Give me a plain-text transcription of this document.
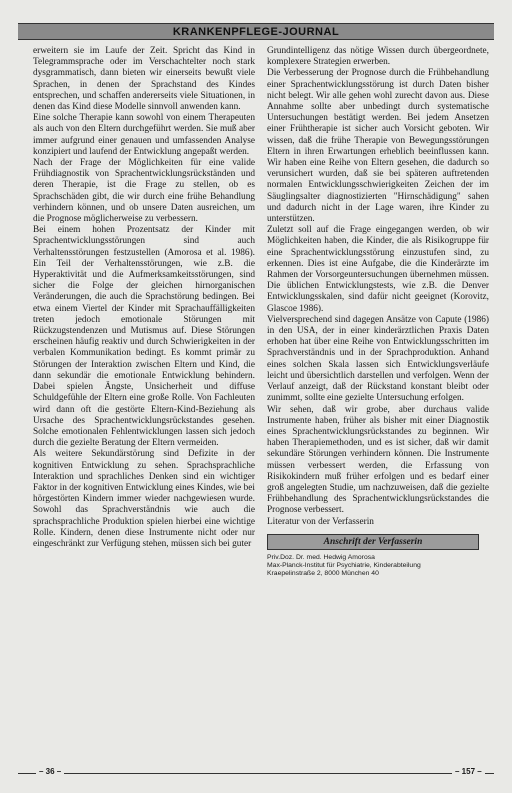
KRANKENPFLEGE-JOURNAL

erweitern sie im Laufe der Zeit. Spricht das Kind in Telegrammsprache oder im Verschachtelter noch stark dysgrammatisch, dann bieten wir einerseits bewußt viele Sprachen, in denen der Sprachstand des Kindes entsprechen, und schaffen andererseits viele Situationen, in denen das Kind diese Modelle sinnvoll anwenden kann.

Eine solche Therapie kann sowohl von einem Therapeuten als auch von den Eltern durchgeführt werden. Sie muß aber immer aufgrund einer genauen und umfassenden Analyse konzipiert und laufend der Entwicklung angepaßt werden.

Nach der Frage der Möglichkeiten für eine valide Frühdiagnostik von Sprachentwicklungsrückständen und deren Therapie, ist die Frage zu stellen, ob es Sprachschäden gibt, die wir durch eine frühe Behandlung verhindern können, und ob unsere Daten ausreichen, um die Prognose möglicherweise zu verbessern.

Bei einem hohen Prozentsatz der Kinder mit Sprachentwicklungsstörungen sind auch Verhaltensstörungen festzustellen (Amorosa et al. 1986). Ein Teil der Verhaltensstörungen, wie z.B. die Hyperaktivität und die Aufmerksamkeitsstörungen, sind sicher die Folge der gleichen hirnorganischen Veränderungen, die auch die Sprachstörung bedingen. Bei etwa einem Viertel der Kinder mit Sprachauffälligkeiten treten jedoch emotionale Störungen mit Rückzugstendenzen und Mutismus auf. Diese Störungen erscheinen häufig reaktiv und durch Schwierigkeiten in der verbalen Kommunikation bedingt. Es kommt primär zu Störungen der Interaktion zwischen Eltern und Kind, die dann sekundär die emotionale Entwicklung behindern. Dabei spielen Ängste, Unsicherheit und diffuse Schuldgefühle der Eltern eine große Rolle. Von Fachleuten wird dann oft die gestörte Eltern-Kind-Beziehung als Ursache des Sprachentwicklungsrückstandes gesehen. Solche emotionalen Fehlentwicklungen lassen sich jedoch durch die gezielte Beratung der Eltern vermeiden.

Als weitere Sekundärstörung sind Defizite in der kognitiven Entwicklung zu sehen. Sprachsprachliche Interaktion und sprachliches Denken sind ein wichtiger Faktor in der kognitiven Entwicklung eines Kindes, wie bei hörgestörten Kindern immer wieder nachgewiesen wurde. Sowohl das Sprachverständnis wie auch die sprachsprachliche Produktion spielen hierbei eine wichtige Rolle. Kindern, denen diese Instrumente nicht oder nur eingeschränkt zur Verfügung stehen, müssen sich bei guter

Grundintelligenz das nötige Wissen durch übergeordnete, komplexere Strategien erwerben.

Die Verbesserung der Prognose durch die Frühbehandlung einer Sprachentwicklungsstörung ist durch Daten bisher nicht belegt. Wir alle gehen wohl zurecht davon aus. Diese Annahme sollte aber unbedingt durch systematische Untersuchungen bestätigt werden. Bei jedem Ansetzen einer Frühtherapie ist sicher auch Vorsicht geboten. Wir wissen, daß die frühe Therapie von Bewegungsstörungen Eltern in ihren Erwartungen erheblich beeinflussen kann. Wir haben eine Reihe von Eltern gesehen, die dadurch so verunsichert wurden, daß sie bei späteren auftretenden normalen Entwicklungsschwierigkeiten Zeichen der im Säuglingsalter diagnostizierten "Hirnschädigung" sahen und dadurch nicht in der Lage waren, ihre Kinder zu unterstützen.

Zuletzt soll auf die Frage eingegangen werden, ob wir Möglichkeiten haben, die Kinder, die als Risikogruppe für eine Sprachentwicklungsstörung einzustufen sind, zu erkennen. Dies ist eine Aufgabe, die die Kinderärzte im Rahmen der Vorsorgeuntersuchungen übernehmen müssen. Die üblichen Entwicklungstests, wie z.B. die Denver Entwicklungsskalen, sind dafür nicht geeignet (Korovitz, Glascoe 1986).

Vielversprechend sind dagegen Ansätze von Capute (1986) in den USA, der in einer kinderärztlichen Praxis Daten erhoben hat über eine Reihe von Entwicklungsschritten im Sprachverständnis und in der Sprachproduktion. Anhand eines solchen Skala lassen sich Entwicklungsverläufe leicht und übersichtlich darstellen und verfolgen. Wenn der Verlauf anzeigt, daß der Rückstand konstant bleibt oder zunimmt, sollte eine gezielte Untersuchung erfolgen.

Wir sehen, daß wir grobe, aber durchaus valide Instrumente haben, früher als bisher mit einer Diagnostik eines Sprachentwicklungsrückstandes zu beginnen. Wir haben Therapiemethoden, und es ist sicher, daß wir damit sekundäre Störungen verhindern können. Die Instrumente müssen verbessert werden, die Erfassung von Risikokindern muß früher erfolgen und es bedarf einer groß angelegten Studie, um nachzuweisen, daß die gezielte Frühbehandlung des Sprachentwicklungsrückstandes die Prognose verbessert.

Literatur von der Verfasserin

Anschrift der Verfasserin
Priv.Doz. Dr. med. Hedwig Amorosa
Max-Planck-Institut für Psychiatrie, Kinderabteilung
Kraepelinstraße 2, 8000 München 40
– 36 –	– 157 –
